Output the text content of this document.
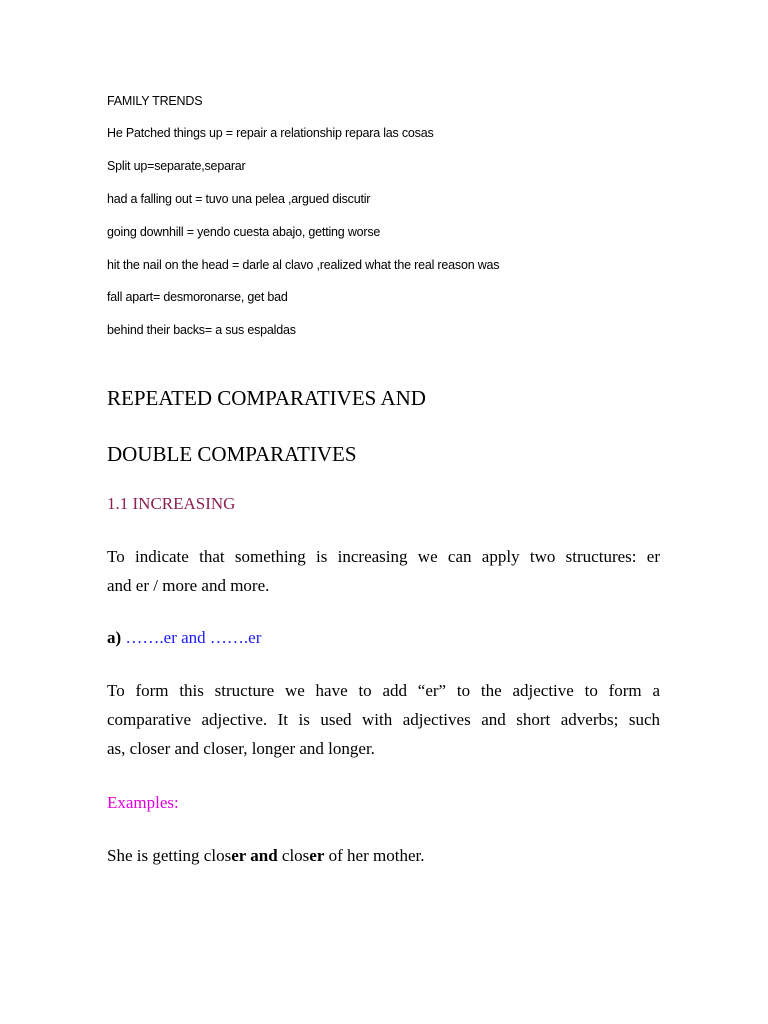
FAMILY TRENDS
He Patched things up = repair a relationship repara las cosas
Split up=separate,separar
had a falling out = tuvo una pelea ,argued discutir
going downhill = yendo cuesta abajo, getting worse
hit the nail on the head = darle al clavo ,realized what the real reason was
fall apart= desmoronarse, get bad
behind their backs= a sus espaldas
REPEATED COMPARATIVES AND
DOUBLE COMPARATIVES
1.1 INCREASING
To indicate that something is increasing we can apply two structures: er
and er / more and more.
a) …….er and …….er
To form this structure we have to add “er” to the adjective to form a
comparative adjective. It is used with adjectives and short adverbs; such
as, closer and closer, longer and longer.
Examples:
She is getting closer and closer of her mother.
